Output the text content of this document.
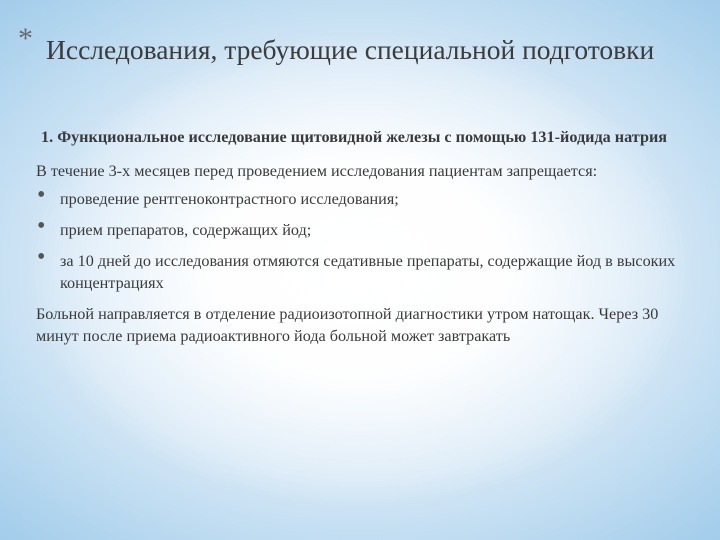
* Исследования, требующие специальной подготовки

1. Функциональное исследование щитовидной железы с помощью 131-йодида натрия

В течение 3-х месяцев перед проведением исследования пациентам запрещается:

• проведение рентгеноконтрастного исследования;
• прием препаратов, содержащих йод;
• за 10 дней до исследования отмяются седативные препараты, содержащие йод в высоких концентрациях

Больной направляется в отделение радиоизотопной диагностики утром натощак. Через 30 минут после приема радиоактивного йода больной может завтракать
